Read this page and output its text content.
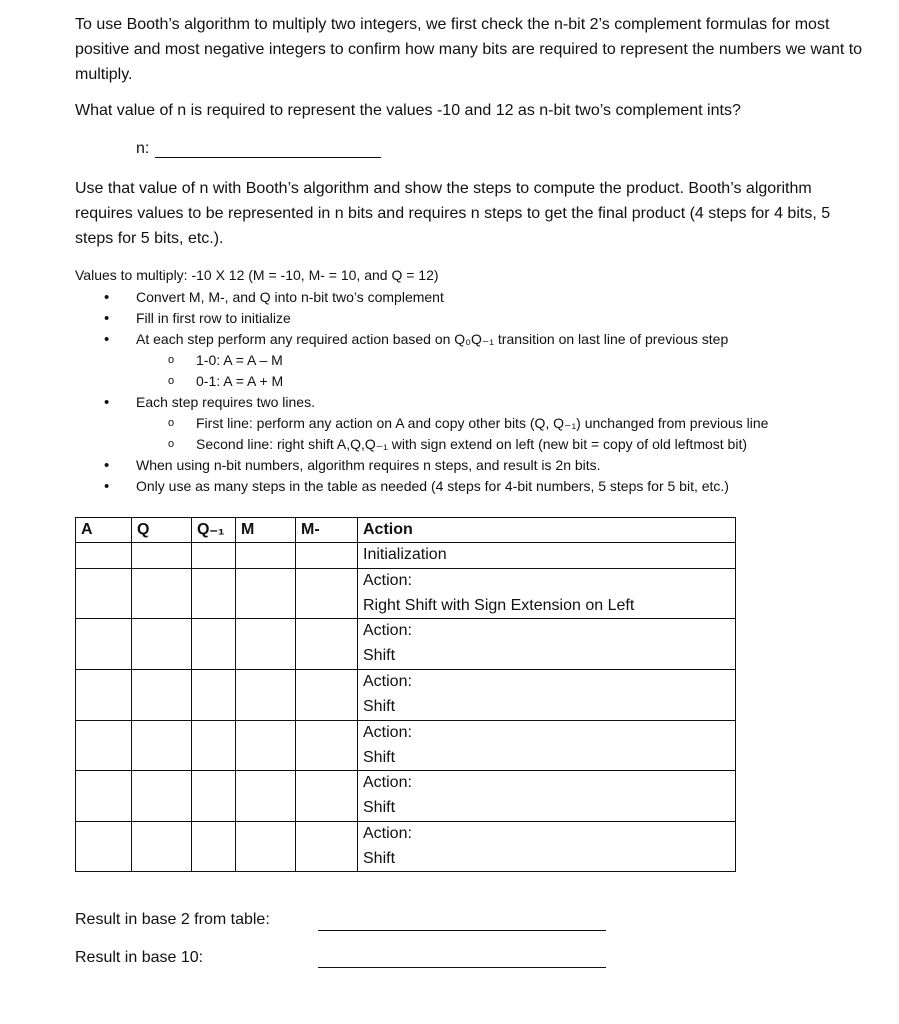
To use Booth’s algorithm to multiply two integers, we first check the n-bit 2’s complement formulas for most positive and most negative integers to confirm how many bits are required to represent the numbers we want to multiply.

What value of n is required to represent the values -10 and 12 as n-bit two’s complement ints?

n:

Use that value of n with Booth’s algorithm and show the steps to compute the product. Booth’s algorithm requires values to be represented in n bits and requires n steps to get the final product (4 steps for 4 bits, 5 steps for 5 bits, etc.).

Values to multiply: -10 X 12 (M = -10, M- = 10, and Q = 12)

• Convert M, M-, and Q into n-bit two’s complement
• Fill in first row to initialize
• At each step perform any required action based on Q₀Q₋₁ transition on last line of previous step
o 1-0: A = A – M
o 0-1: A = A + M
• Each step requires two lines.
o First line: perform any action on A and copy other bits (Q, Q₋₁) unchanged from previous line
o Second line: right shift A,Q,Q₋₁ with sign extend on left (new bit = copy of old leftmost bit)
• When using n-bit numbers, algorithm requires n steps, and result is 2n bits.
• Only use as many steps in the table as needed (4 steps for 4-bit numbers, 5 steps for 5 bit, etc.)
A	Q	Q₋₁	M	M-	Action
					Initialization

					Action:
Right Shift with Sign Extension on Left

					Action:
Shift

					Action:
Shift

					Action:
Shift

					Action:
Shift

					Action:
Shift
Result in base 2 from table:
Result in base 10:
